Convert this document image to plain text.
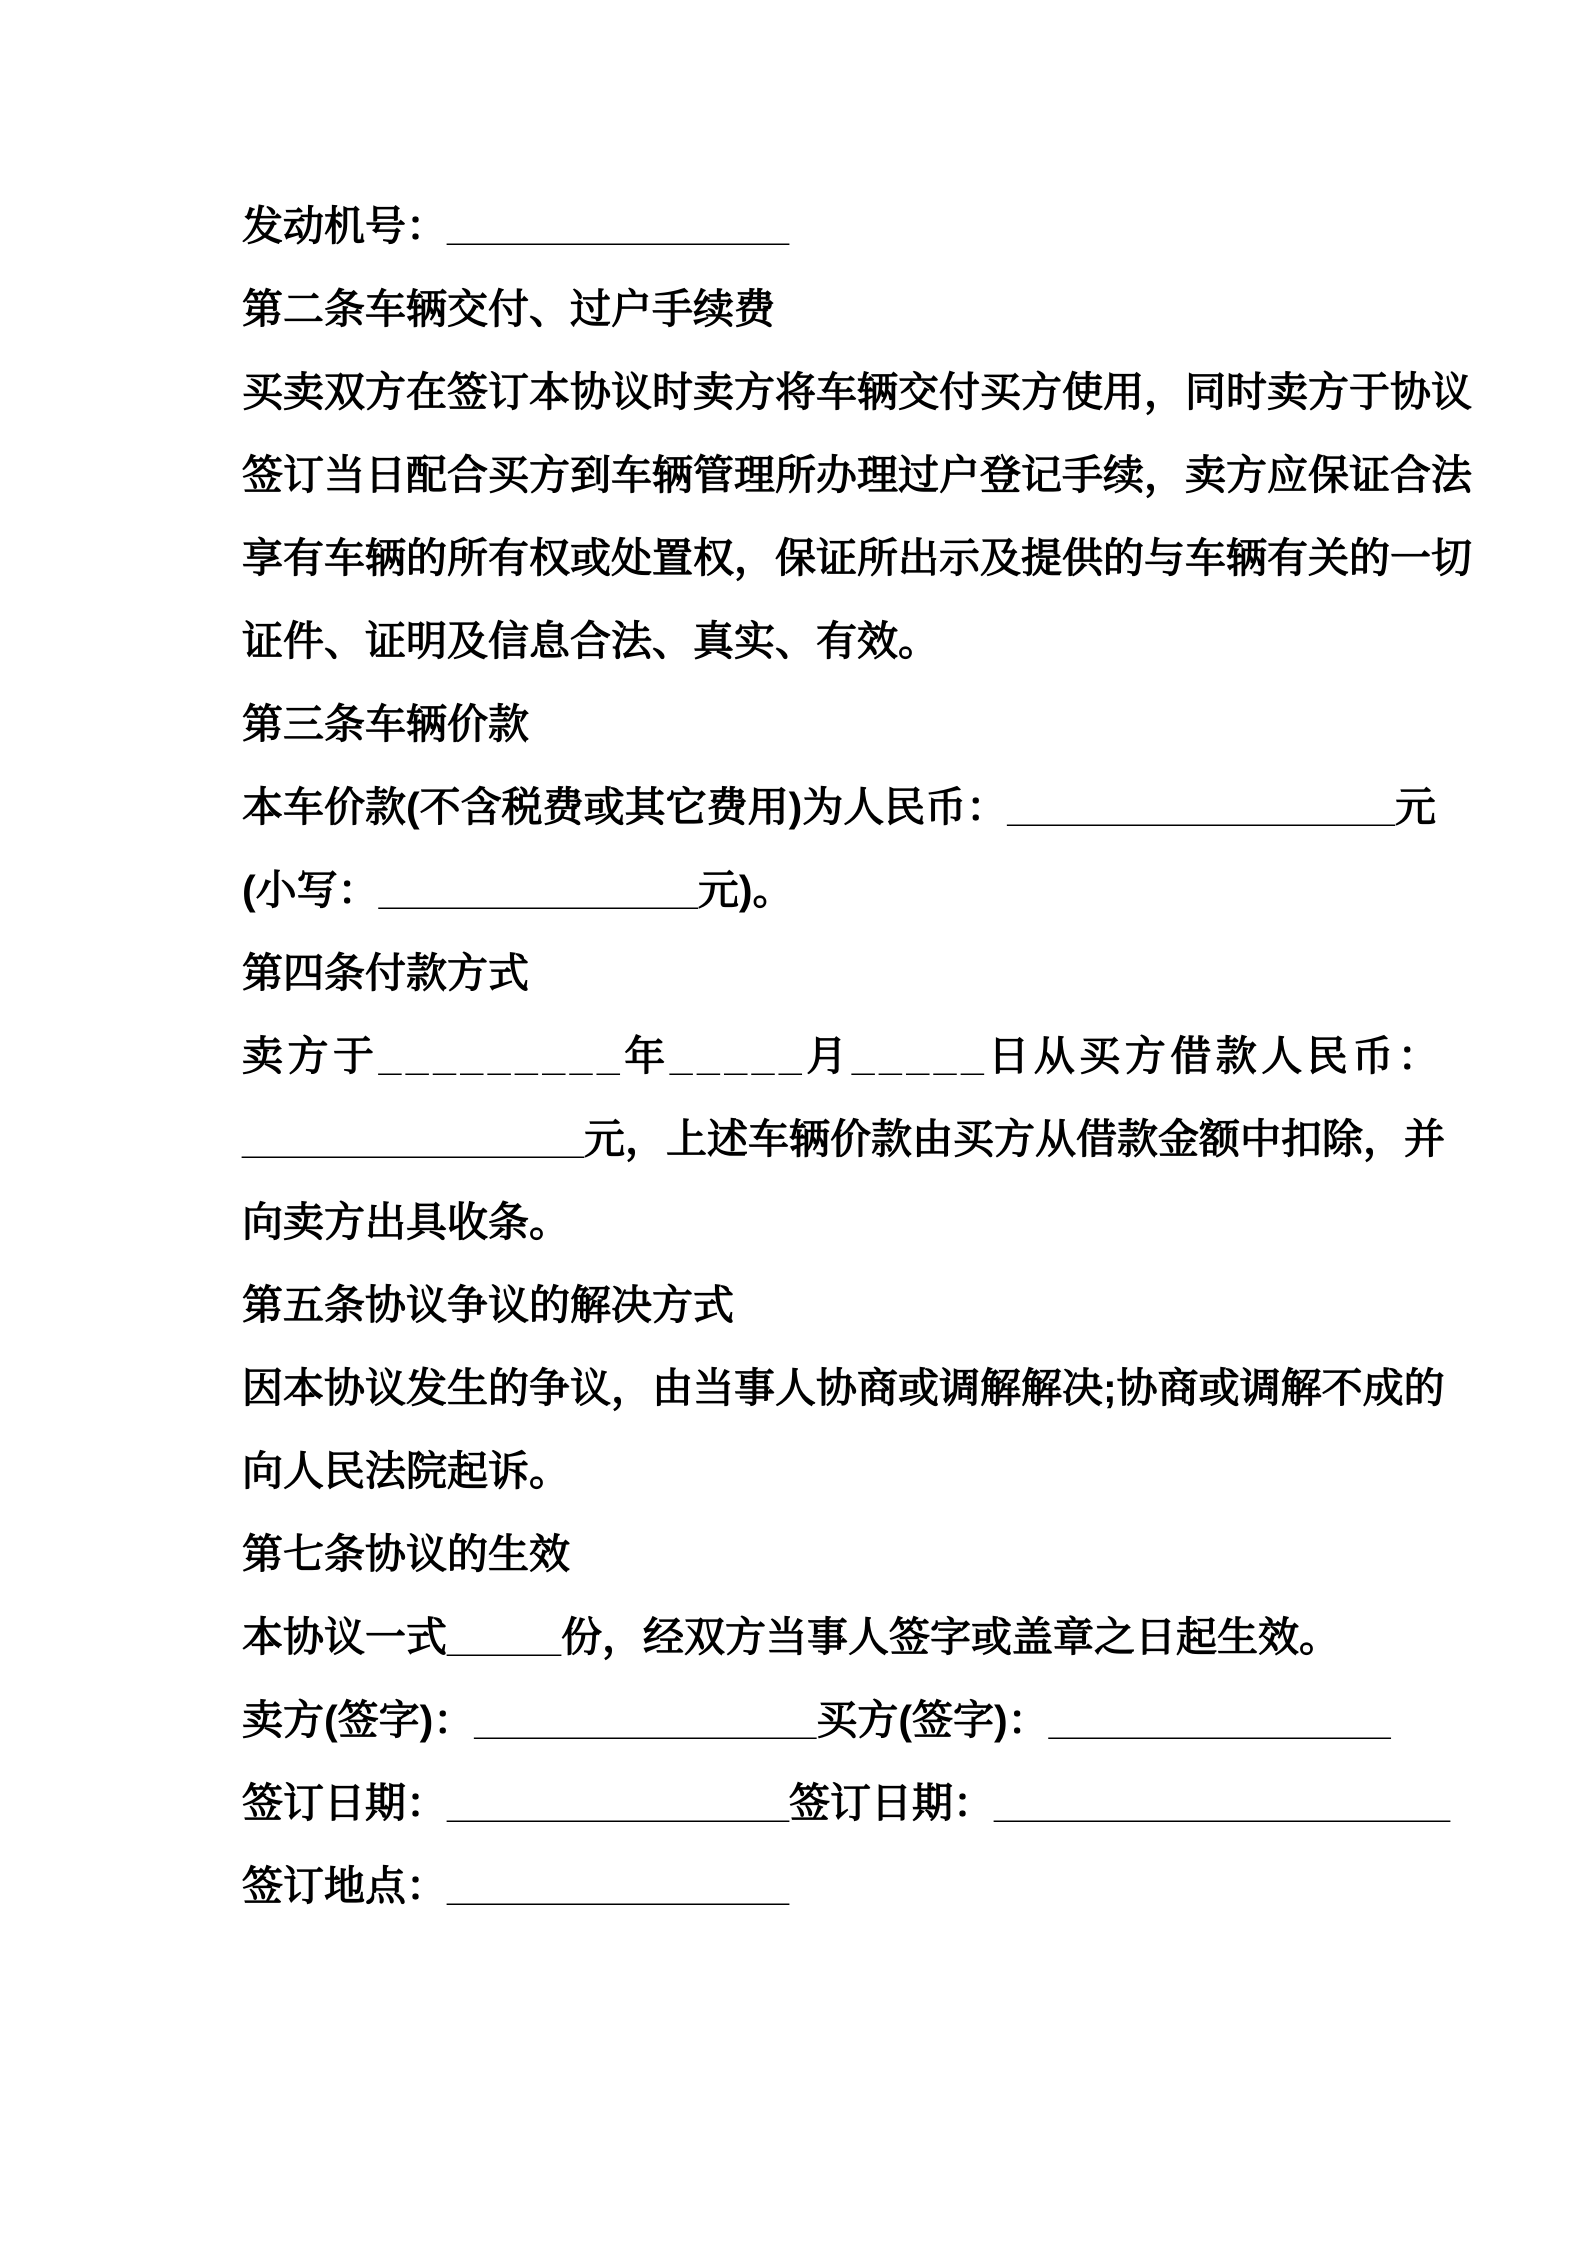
发动机号：_______________

第二条车辆交付、过户手续费

买卖双方在签订本协议时卖方将车辆交付买方使用，同时卖方于协议

签订当日配合买方到车辆管理所办理过户登记手续，卖方应保证合法

享有车辆的所有权或处置权，保证所出示及提供的与车辆有关的一切

证件、证明及信息合法、真实、有效。

第三条车辆价款

本车价款(不含税费或其它费用)为人民币：_________________元

(小写：______________元)。

第四条付款方式

卖方于_________年_____月_____日从买方借款人民币：

_______________元，上述车辆价款由买方从借款金额中扣除，并

向卖方出具收条。

第五条协议争议的解决方式

因本协议发生的争议，由当事人协商或调解解决;协商或调解不成的

向人民法院起诉。

第七条协议的生效

本协议一式_____份，经双方当事人签字或盖章之日起生效。

卖方(签字)：_______________买方(签字)：_______________

签订日期：_______________签订日期：____________________

签订地点：_______________
